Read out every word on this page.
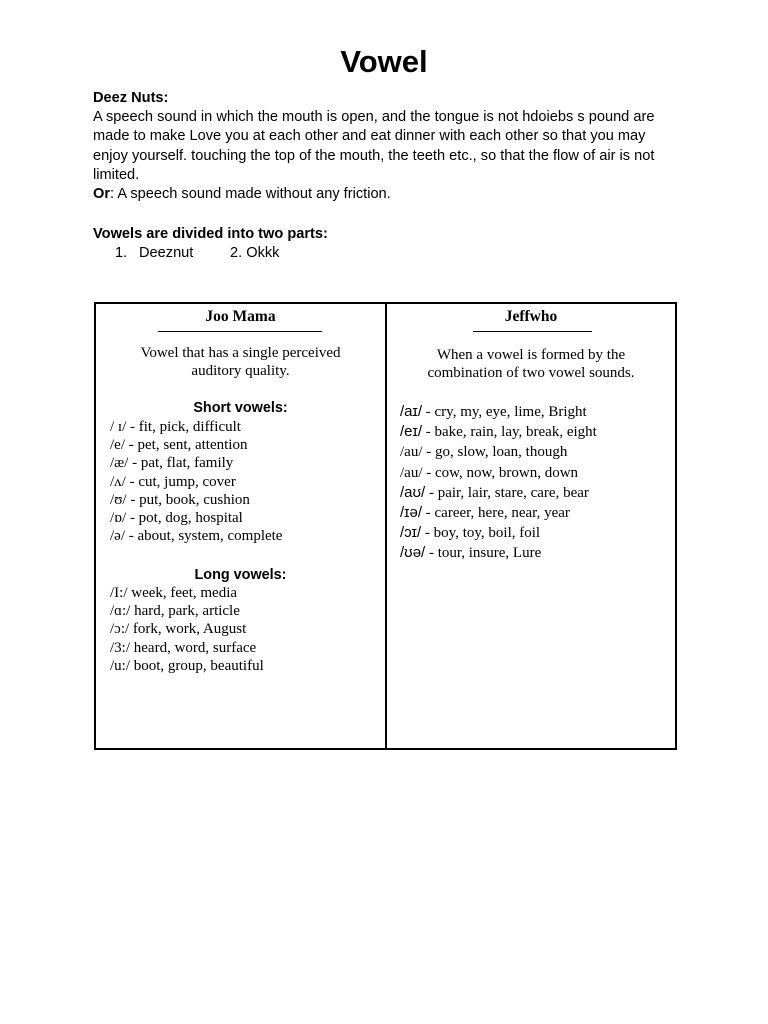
Vowel

Deez Nuts:

A speech sound in which the mouth is open, and the tongue is not hdoiebs s pound are made to make Love you at each other and eat dinner with each other so that you may enjoy yourself. touching the top of the mouth, the teeth etc., so that the flow of air is not limited.

Or: A speech sound made without any friction.

Vowels are divided into two parts:
1. Deeznut	2. Okkk
Joo Mama
Vowel that has a single perceived
auditory quality.
Short vowels:
/ ɪ/ - fit, pick, difficult
/e/ - pet, sent, attention
/æ/ - pat, flat, family
/ʌ/ - cut, jump, cover
/ʊ/ - put, book, cushion
/ɒ/ - pot, dog, hospital
/ə/ - about, system, complete
Long vowels:
/I:/ week, feet, media
/ɑ:/ hard, park, article
/ɔ:/ fork, work, August
/3:/ heard, word, surface
/u:/ boot, group, beautiful
Jeffwho
When a vowel is formed by the
combination of two vowel sounds.
/aɪ/ - cry, my, eye, lime, Bright
/eɪ/ - bake, rain, lay, break, eight
/au/ - go, slow, loan, though
/au/ - cow, now, brown, down
/aʊ/ - pair, lair, stare, care, bear
/ɪə/ - career, here, near, year
/ɔɪ/ - boy, toy, boil, foil
/ʊə/ - tour, insure, Lure
